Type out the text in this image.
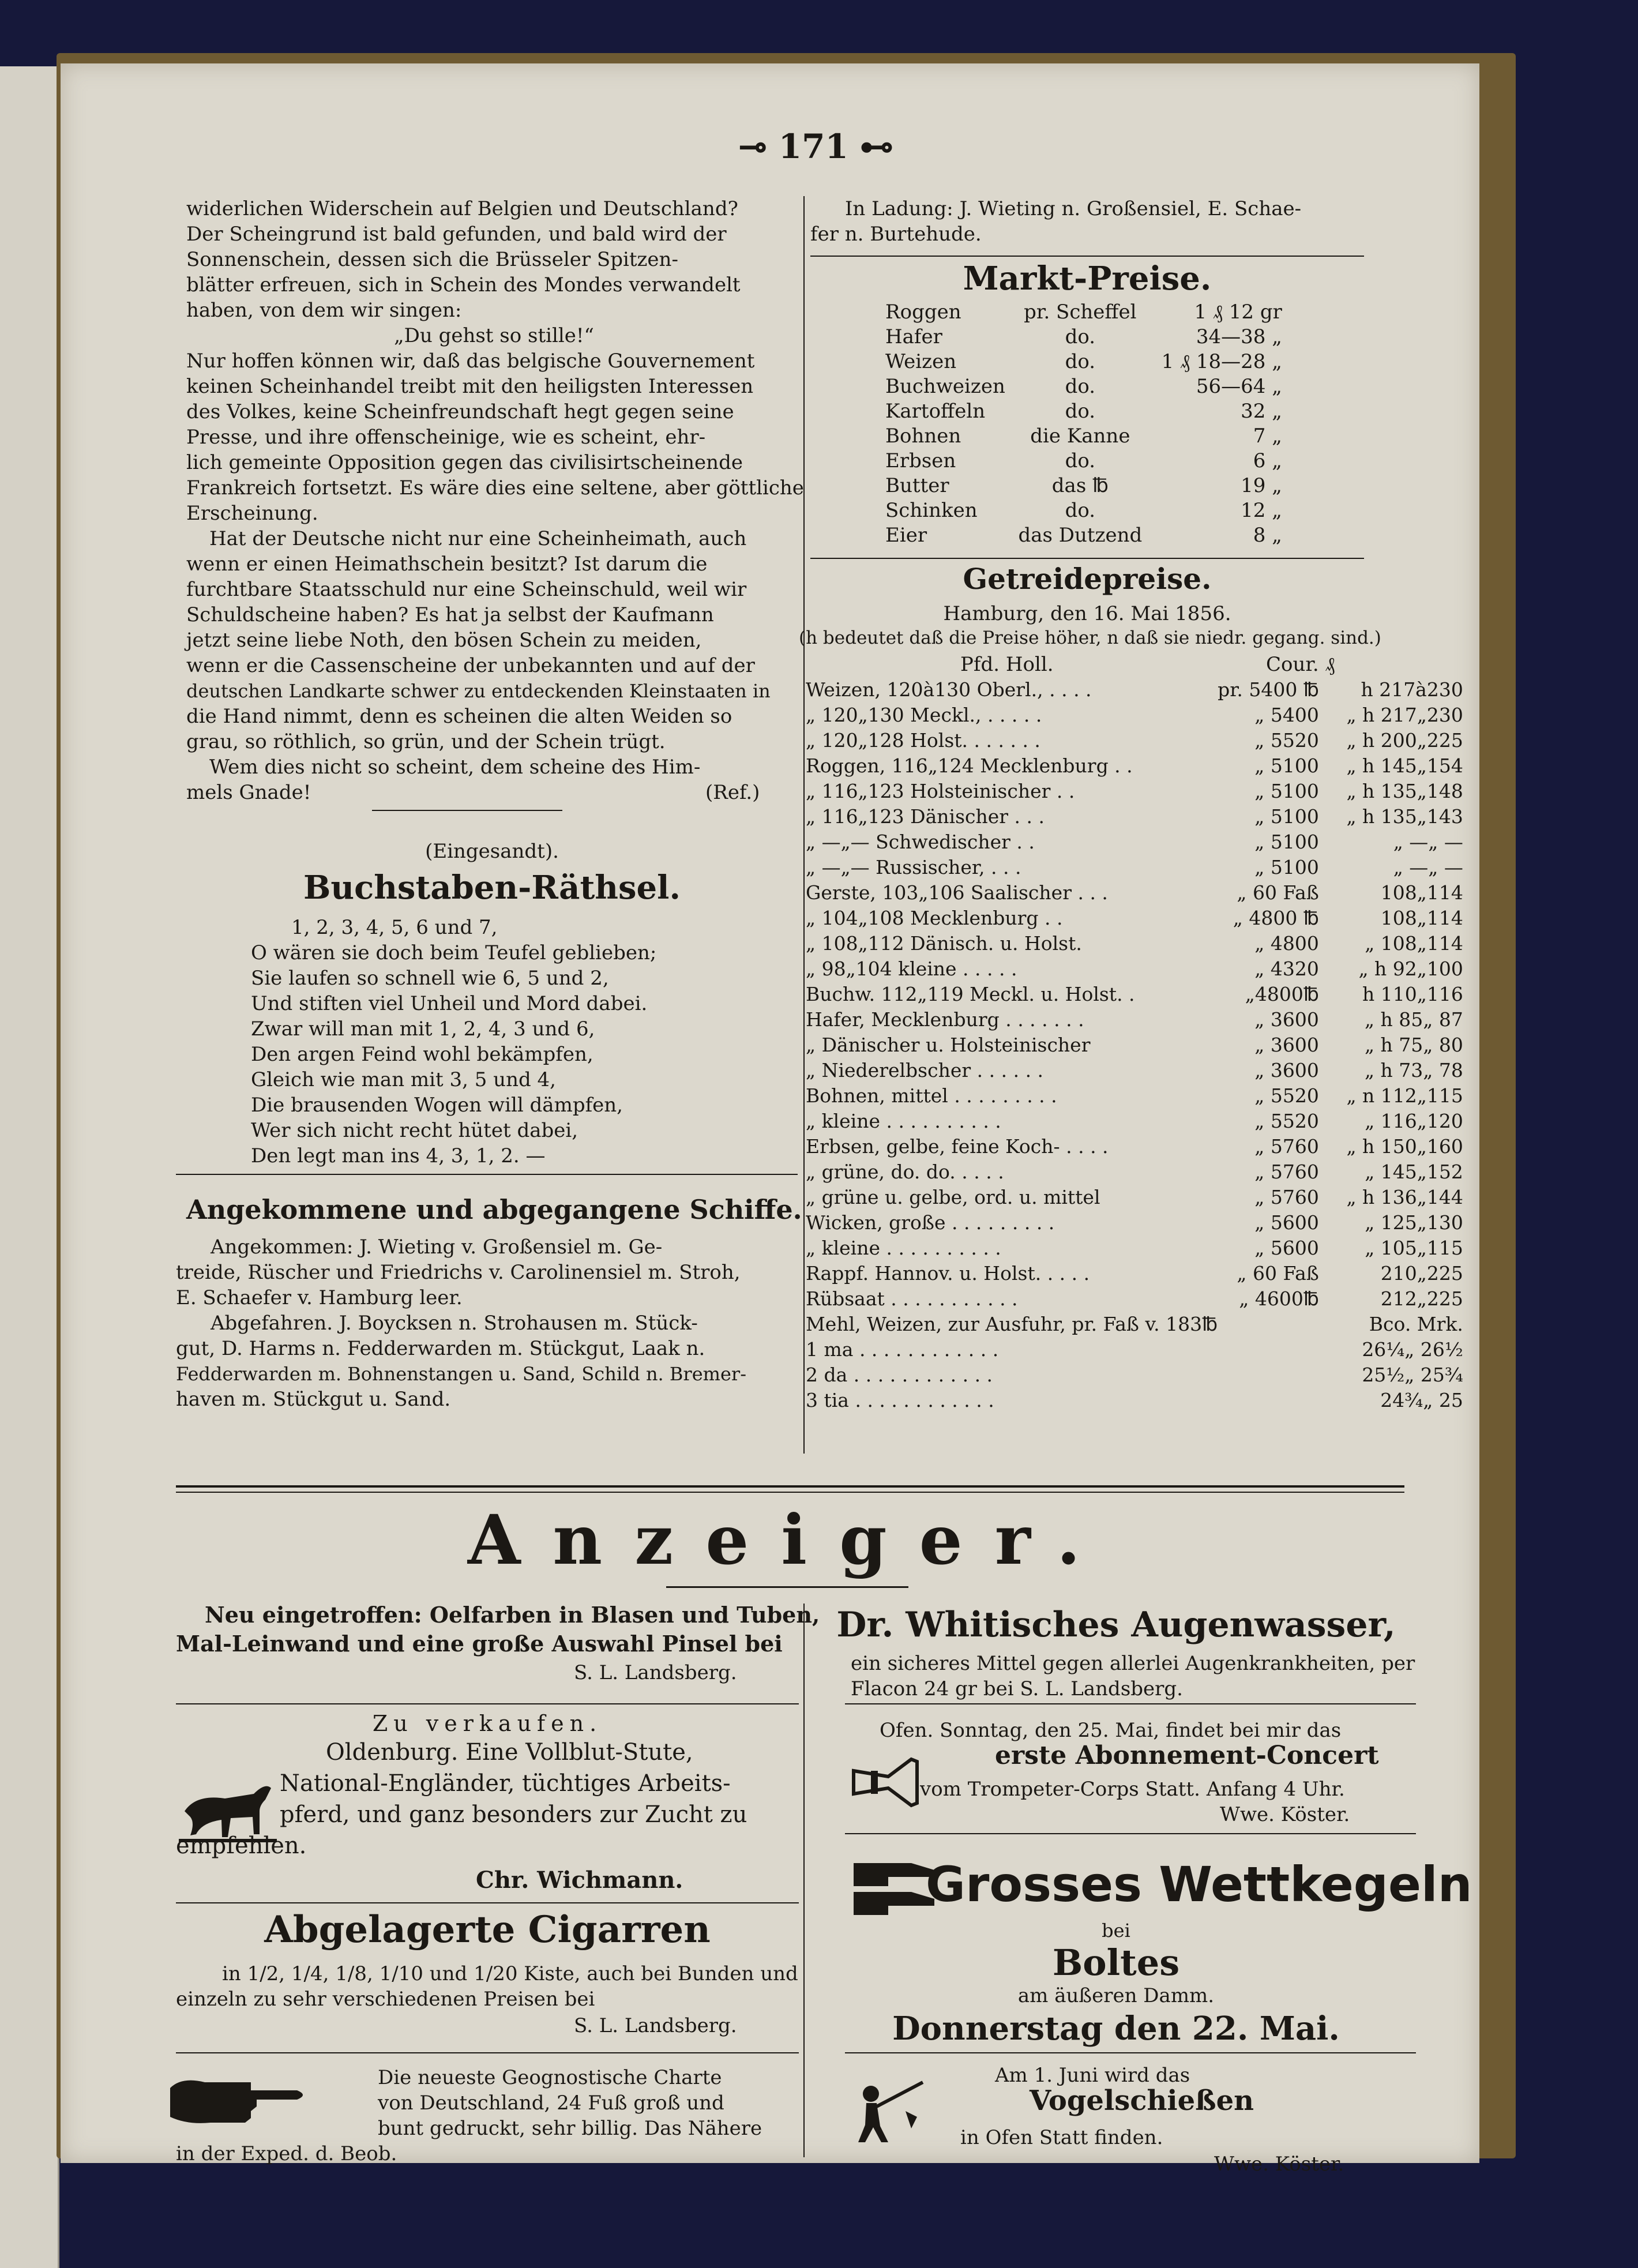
⊸ 171 ⊷
widerlichen Widerschein auf Belgien und Deutschland?
Der Scheingrund ist bald gefunden, und bald wird der
Sonnenschein, dessen sich die Brüsseler Spitzen-
blätter erfreuen, sich in Schein des Mondes verwandelt
haben, von dem wir singen:
„Du gehst so stille!“
Nur hoffen können wir, daß das belgische Gouvernement
keinen Scheinhandel treibt mit den heiligsten Interessen
des Volkes, keine Scheinfreundschaft hegt gegen seine
Presse, und ihre offenscheinige, wie es scheint, ehr-
lich gemeinte Opposition gegen das civilisirtscheinende
Frankreich fortsetzt. Es wäre dies eine seltene, aber göttliche
Erscheinung.
Hat der Deutsche nicht nur eine Scheinheimath, auch
wenn er einen Heimathschein besitzt? Ist darum die
furchtbare Staatsschuld nur eine Scheinschuld, weil wir
Schuldscheine haben? Es hat ja selbst der Kaufmann
jetzt seine liebe Noth, den bösen Schein zu meiden,
wenn er die Cassenscheine der unbekannten und auf der
deutschen Landkarte schwer zu entdeckenden Kleinstaaten in
die Hand nimmt, denn es scheinen die alten Weiden so
grau, so röthlich, so grün, und der Schein trügt.
Wem dies nicht so scheint, dem scheine des Him-
mels Gnade!	(Ref.)
(Eingesandt).
Buchstaben-Räthsel.
1, 2, 3, 4, 5, 6 und 7,
O wären sie doch beim Teufel geblieben;
Sie laufen so schnell wie 6, 5 und 2,
Und stiften viel Unheil und Mord dabei.
Zwar will man mit 1, 2, 4, 3 und 6,
Den argen Feind wohl bekämpfen,
Gleich wie man mit 3, 5 und 4,
Die brausenden Wogen will dämpfen,
Wer sich nicht recht hütet dabei,
Den legt man ins 4, 3, 1, 2. —
Angekommene und abgegangene Schiffe.
Angekommen: J. Wieting v. Großensiel m. Ge-
treide, Rüscher und Friedrichs v. Carolinensiel m. Stroh,
E. Schaefer v. Hamburg leer.
Abgefahren. J. Boycksen n. Strohausen m. Stück-
gut, D. Harms n. Fedderwarden m. Stückgut, Laak n.
Fedderwarden m. Bohnenstangen u. Sand, Schild n. Bremer-
haven m. Stückgut u. Sand.
In Ladung: J. Wieting n. Großensiel, E. Schae-
fer n. Burtehude.
Markt-Preise.
Roggen	pr. Scheffel	1 ₰ 12 gr
Hafer	do.	34—38 „
Weizen	do.	1 ₰ 18—28 „
Buchweizen	do.	56—64 „
Kartoffeln	do.	32 „
Bohnen	die Kanne	7 „
Erbsen	do.	6 „
Butter	das ℔	19 „
Schinken	do.	12 „
Eier	das Dutzend	8 „
Getreidepreise.
Hamburg, den 16. Mai 1856.
(h bedeutet daß die Preise höher, n daß sie niedr. gegang. sind.)
Pfd. Holl.	Cour. ₰
Weizen, 120à130 Oberl., . . . .	pr. 5400 ℔	h 217à230
„ 120„130 Meckl., . . . . .	„ 5400	„ h 217„230
„ 120„128 Holst. . . . . . .	„ 5520	„ h 200„225
Roggen, 116„124 Mecklenburg . .	„ 5100	„ h 145„154
„ 116„123 Holsteinischer . .	„ 5100	„ h 135„148
„ 116„123 Dänischer . . .	„ 5100	„ h 135„143
„ —„— Schwedischer . .	„ 5100	„ —„ —
„ —„— Russischer, . . .	„ 5100	„ —„ —
Gerste, 103„106 Saalischer . . .	„ 60 Faß	108„114
„ 104„108 Mecklenburg . .	„ 4800 ℔	108„114
„ 108„112 Dänisch. u. Holst.	„ 4800	„ 108„114
„ 98„104 kleine . . . . .	„ 4320	„ h 92„100
Buchw. 112„119 Meckl. u. Holst. .	„4800℔	h 110„116
Hafer, Mecklenburg . . . . . . .	„ 3600	„ h 85„ 87
„ Dänischer u. Holsteinischer	„ 3600	„ h 75„ 80
„ Niederelbscher . . . . . .	„ 3600	„ h 73„ 78
Bohnen, mittel . . . . . . . . .	„ 5520	„ n 112„115
„ kleine . . . . . . . . . .	„ 5520	„ 116„120
Erbsen, gelbe, feine Koch- . . . .	„ 5760	„ h 150„160
„ grüne, do. do. . . . .	„ 5760	„ 145„152
„ grüne u. gelbe, ord. u. mittel	„ 5760	„ h 136„144
Wicken, große . . . . . . . . .	„ 5600	„ 125„130
„ kleine . . . . . . . . . .	„ 5600	„ 105„115
Rappf. Hannov. u. Holst. . . . .	„ 60 Faß	210„225
Rübsaat . . . . . . . . . . .	„ 4600℔	212„225
Mehl, Weizen, zur Ausfuhr, pr. Faß v. 183℔		Bco. Mrk.
1 ma . . . . . . . . . . . .		26¼„ 26½
2 da . . . . . . . . . . . .		25½„ 25¾
3 tia . . . . . . . . . . . .		24¾„ 25
Anzeiger.
Neu eingetroffen: Oelfarben in Blasen und Tuben,
Mal-Leinwand und eine große Auswahl Pinsel bei
S. L. Landsberg.
Zu verkaufen.
Oldenburg. Eine Vollblut-Stute,
National-Engländer, tüchtiges Arbeits-
pferd, und ganz besonders zur Zucht zu
empfehlen.
Chr. Wichmann.
Abgelagerte Cigarren
in 1/2, 1/4, 1/8, 1/10 und 1/20 Kiste, auch bei Bunden und
einzeln zu sehr verschiedenen Preisen bei
S. L. Landsberg.
Die neueste Geognostische Charte
von Deutschland, 24 Fuß groß und
bunt gedruckt, sehr billig. Das Nähere
in der Exped. d. Beob.
Dr. Whitisches Augenwasser,
ein sicheres Mittel gegen allerlei Augenkrankheiten, per
Flacon 24 gr bei S. L. Landsberg.
Ofen. Sonntag, den 25. Mai, findet bei mir das
erste Abonnement-Concert
vom Trompeter-Corps Statt. Anfang 4 Uhr.
Wwe. Köster.
Grosses Wettkegeln
bei
Boltes
am äußeren Damm.
Donnerstag den 22. Mai.
Am 1. Juni wird das
Vogelschießen
in Ofen Statt finden.
Wwe. Köster.
